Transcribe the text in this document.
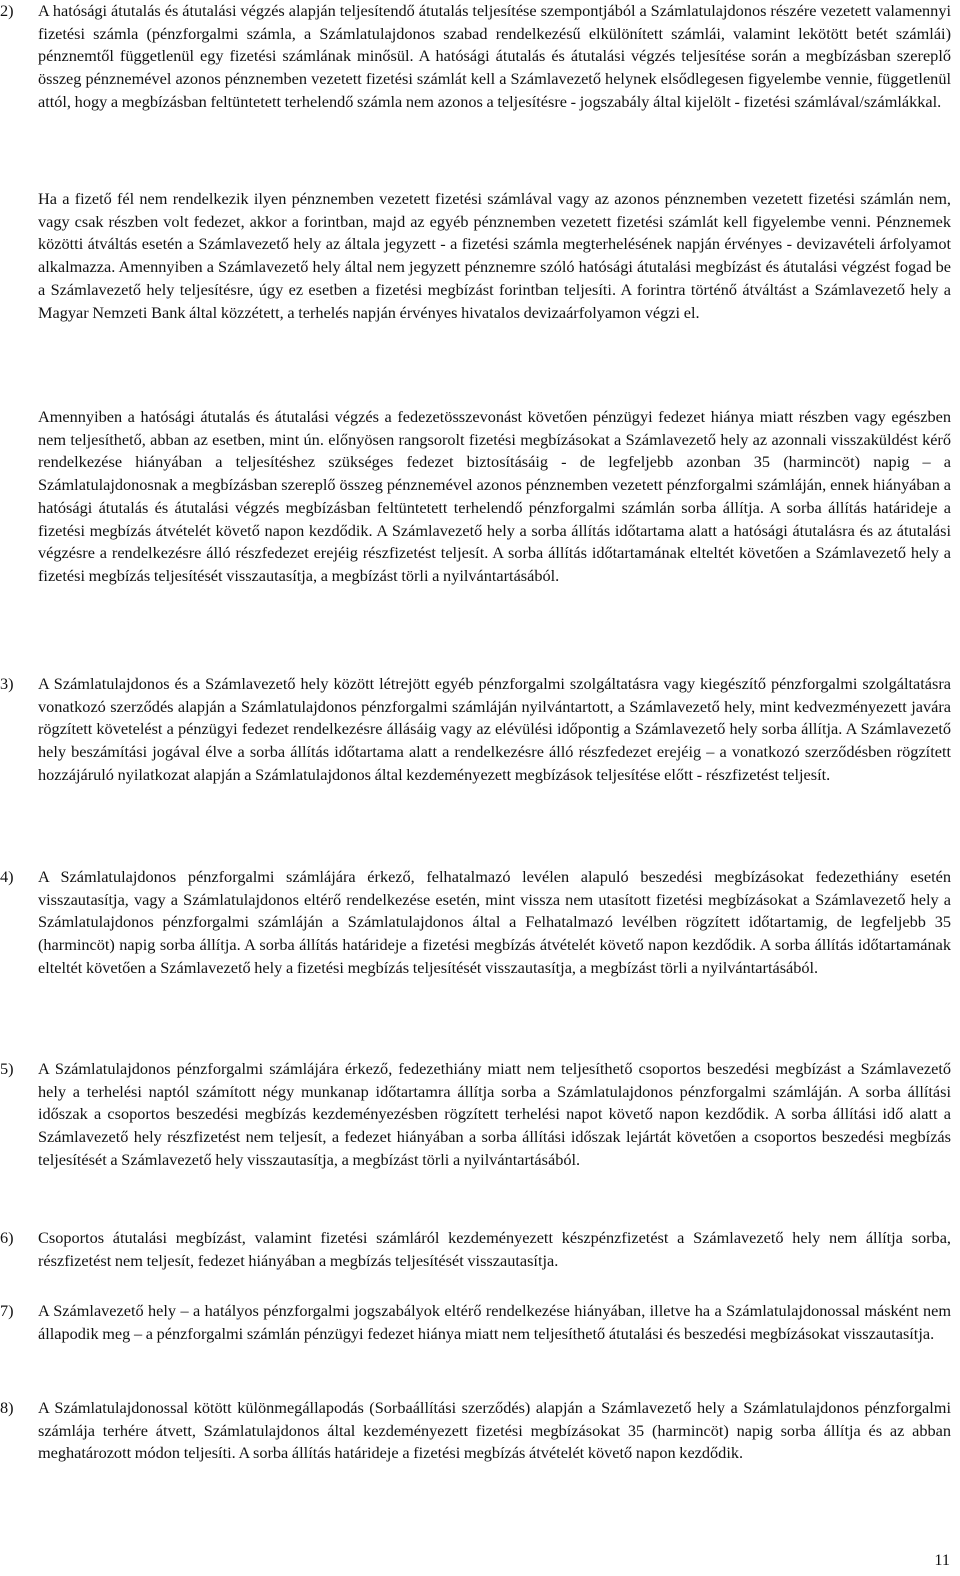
2) A hatósági átutalás és átutalási végzés alapján teljesítendő átutalás teljesítése szempontjából a Számlatulajdonos részére vezetett valamennyi fizetési számla (pénzforgalmi számla, a Számlatulajdonos szabad rendelkezésű elkülönített számlái, valamint lekötött betét számlái) pénznemtől függetlenül egy fizetési számlának minősül. A hatósági átutalás és átutalási végzés teljesítése során a megbízásban szereplő összeg pénznemével azonos pénznemben vezetett fizetési számlát kell a Számlavezető helynek elsődlegesen figyelembe vennie, függetlenül attól, hogy a megbízásban feltüntetett terhelendő számla nem azonos a teljesítésre - jogszabály által kijelölt - fizetési számlával/számlákkal.
Ha a fizető fél nem rendelkezik ilyen pénznemben vezetett fizetési számlával vagy az azonos pénznemben vezetett fizetési számlán nem, vagy csak részben volt fedezet, akkor a forintban, majd az egyéb pénznemben vezetett fizetési számlát kell figyelembe venni. Pénznemek közötti átváltás esetén a Számlavezető hely az általa jegyzett - a fizetési számla megterhelésének napján érvényes - devizavételi árfolyamot alkalmazza. Amennyiben a Számlavezető hely által nem jegyzett pénznemre szóló hatósági átutalási megbízást és átutalási végzést fogad be a Számlavezető hely teljesítésre, úgy ez esetben a fizetési megbízást forintban teljesíti. A forintra történő átváltást a Számlavezető hely a Magyar Nemzeti Bank által közzétett, a terhelés napján érvényes hivatalos devizaárfolyamon végzi el.
Amennyiben a hatósági átutalás és átutalási végzés a fedezetösszevonást követően pénzügyi fedezet hiánya miatt részben vagy egészben nem teljesíthető, abban az esetben, mint ún. előnyösen rangsorolt fizetési megbízásokat a Számlavezető hely az azonnali visszaküldést kérő rendelkezése hiányában a teljesítéshez szükséges fedezet biztosításáig - de legfeljebb azonban 35 (harmincöt) napig – a Számlatulajdonosnak a megbízásban szereplő összeg pénznemével azonos pénznemben vezetett pénzforgalmi számláján, ennek hiányában a hatósági átutalás és átutalási végzés megbízásban feltüntetett terhelendő pénzforgalmi számlán sorba állítja. A sorba állítás határideje a fizetési megbízás átvételét követő napon kezdődik. A Számlavezető hely a sorba állítás időtartama alatt a hatósági átutalásra és az átutalási végzésre a rendelkezésre álló részfedezet erejéig részfizetést teljesít. A sorba állítás időtartamának elteltét követően a Számlavezető hely a fizetési megbízás teljesítését visszautasítja, a megbízást törli a nyilvántartásából.
3) A Számlatulajdonos és a Számlavezető hely között létrejött egyéb pénzforgalmi szolgáltatásra vagy kiegészítő pénzforgalmi szolgáltatásra vonatkozó szerződés alapján a Számlatulajdonos pénzforgalmi számláján nyilvántartott, a Számlavezető hely, mint kedvezményezett javára rögzített követelést a pénzügyi fedezet rendelkezésre állásáig vagy az elévülési időpontig a Számlavezető hely sorba állítja. A Számlavezető hely beszámítási jogával élve a sorba állítás időtartama alatt a rendelkezésre álló részfedezet erejéig – a vonatkozó szerződésben rögzített hozzájáruló nyilatkozat alapján a Számlatulajdonos által kezdeményezett megbízások teljesítése előtt - részfizetést teljesít.
4) A Számlatulajdonos pénzforgalmi számlájára érkező, felhatalmazó levélen alapuló beszedési megbízásokat fedezethiány esetén visszautasítja, vagy a Számlatulajdonos eltérő rendelkezése esetén, mint vissza nem utasított fizetési megbízásokat a Számlavezető hely a Számlatulajdonos pénzforgalmi számláján a Számlatulajdonos által a Felhatalmazó levélben rögzített időtartamig, de legfeljebb 35 (harmincöt) napig sorba állítja. A sorba állítás határideje a fizetési megbízás átvételét követő napon kezdődik. A sorba állítás időtartamának elteltét követően a Számlavezető hely a fizetési megbízás teljesítését visszautasítja, a megbízást törli a nyilvántartásából.
5) A Számlatulajdonos pénzforgalmi számlájára érkező, fedezethiány miatt nem teljesíthető csoportos beszedési megbízást a Számlavezető hely a terhelési naptól számított négy munkanap időtartamra állítja sorba a Számlatulajdonos pénzforgalmi számláján. A sorba állítási időszak a csoportos beszedési megbízás kezdeményezésben rögzített terhelési napot követő napon kezdődik. A sorba állítási idő alatt a Számlavezető hely részfizetést nem teljesít, a fedezet hiányában a sorba állítási időszak lejártát követően a csoportos beszedési megbízás teljesítését a Számlavezető hely visszautasítja, a megbízást törli a nyilvántartásából.
6) Csoportos átutalási megbízást, valamint fizetési számláról kezdeményezett készpénzfizetést a Számlavezető hely nem állítja sorba, részfizetést nem teljesít, fedezet hiányában a megbízás teljesítését visszautasítja.
7) A Számlavezető hely – a hatályos pénzforgalmi jogszabályok eltérő rendelkezése hiányában, illetve ha a Számlatulajdonossal másként nem állapodik meg – a pénzforgalmi számlán pénzügyi fedezet hiánya miatt nem teljesíthető átutalási és beszedési megbízásokat visszautasítja.
8) A Számlatulajdonossal kötött különmegállapodás (Sorbaállítási szerződés) alapján a Számlavezető hely a Számlatulajdonos pénzforgalmi számlája terhére átvett, Számlatulajdonos által kezdeményezett fizetési megbízásokat 35 (harmincöt) napig sorba állítja és az abban meghatározott módon teljesíti. A sorba állítás határideje a fizetési megbízás átvételét követő napon kezdődik.
11
